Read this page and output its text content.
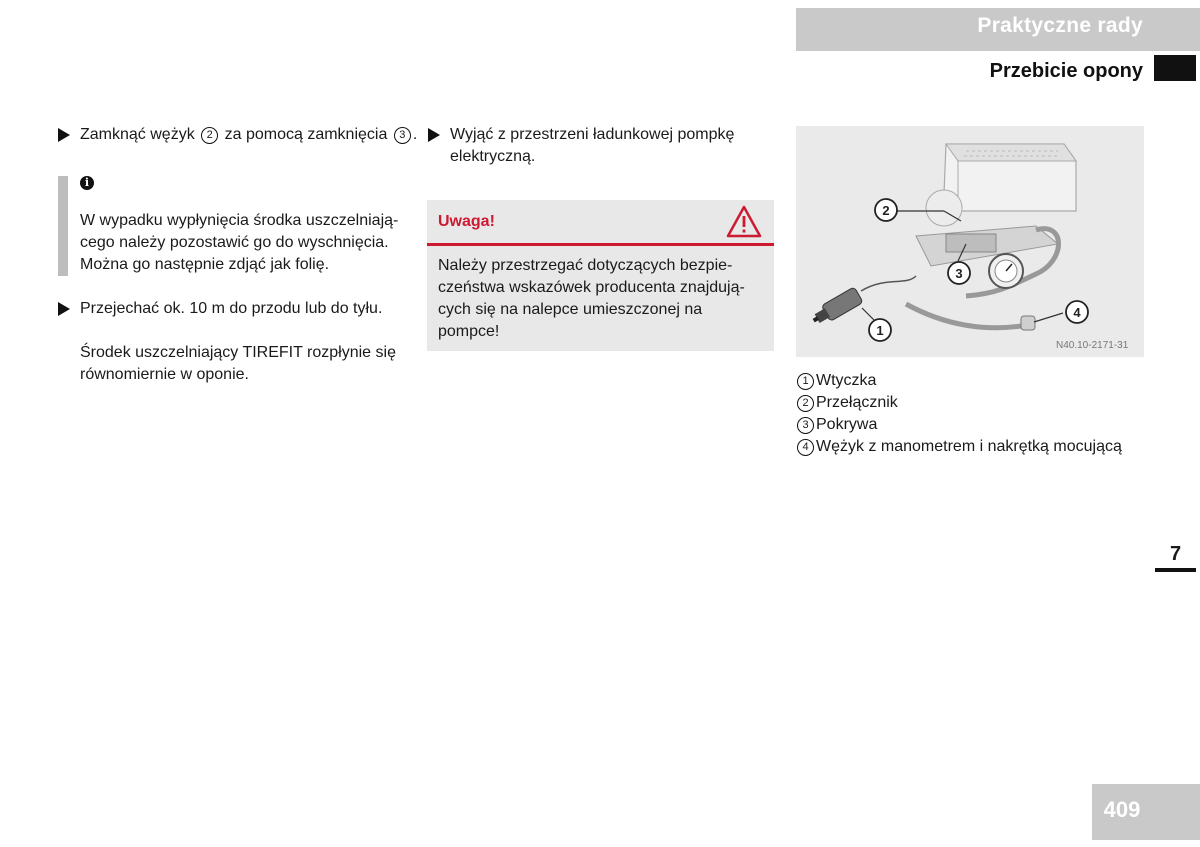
Praktyczne rady
Przebicie opony
Zamknąć wężyk 2 za pomocą zamknięcia 3 .
i
W wypadku wypłynięcia środka uszczelniają-
cego należy pozostawić go do wyschnięcia.
Można go następnie zdjąć jak folię.
Przejechać ok. 10 m do przodu lub do tyłu.
Środek uszczelniający TIREFIT rozpłynie się
równomiernie w oponie.
Wyjąć z przestrzeni ładunkowej pompkę
elektryczną.
Uwaga!
Należy przestrzegać dotyczących bezpie-
czeństwa wskazówek producenta znajdują-
cych się na nalepce umieszczonej na
pompce!
2
3
1
4
N40.10-2171-31
1 Wtyczka
2 Przełącznik
3 Pokrywa
4 Wężyk z manometrem i nakrętką mocującą
7
409
